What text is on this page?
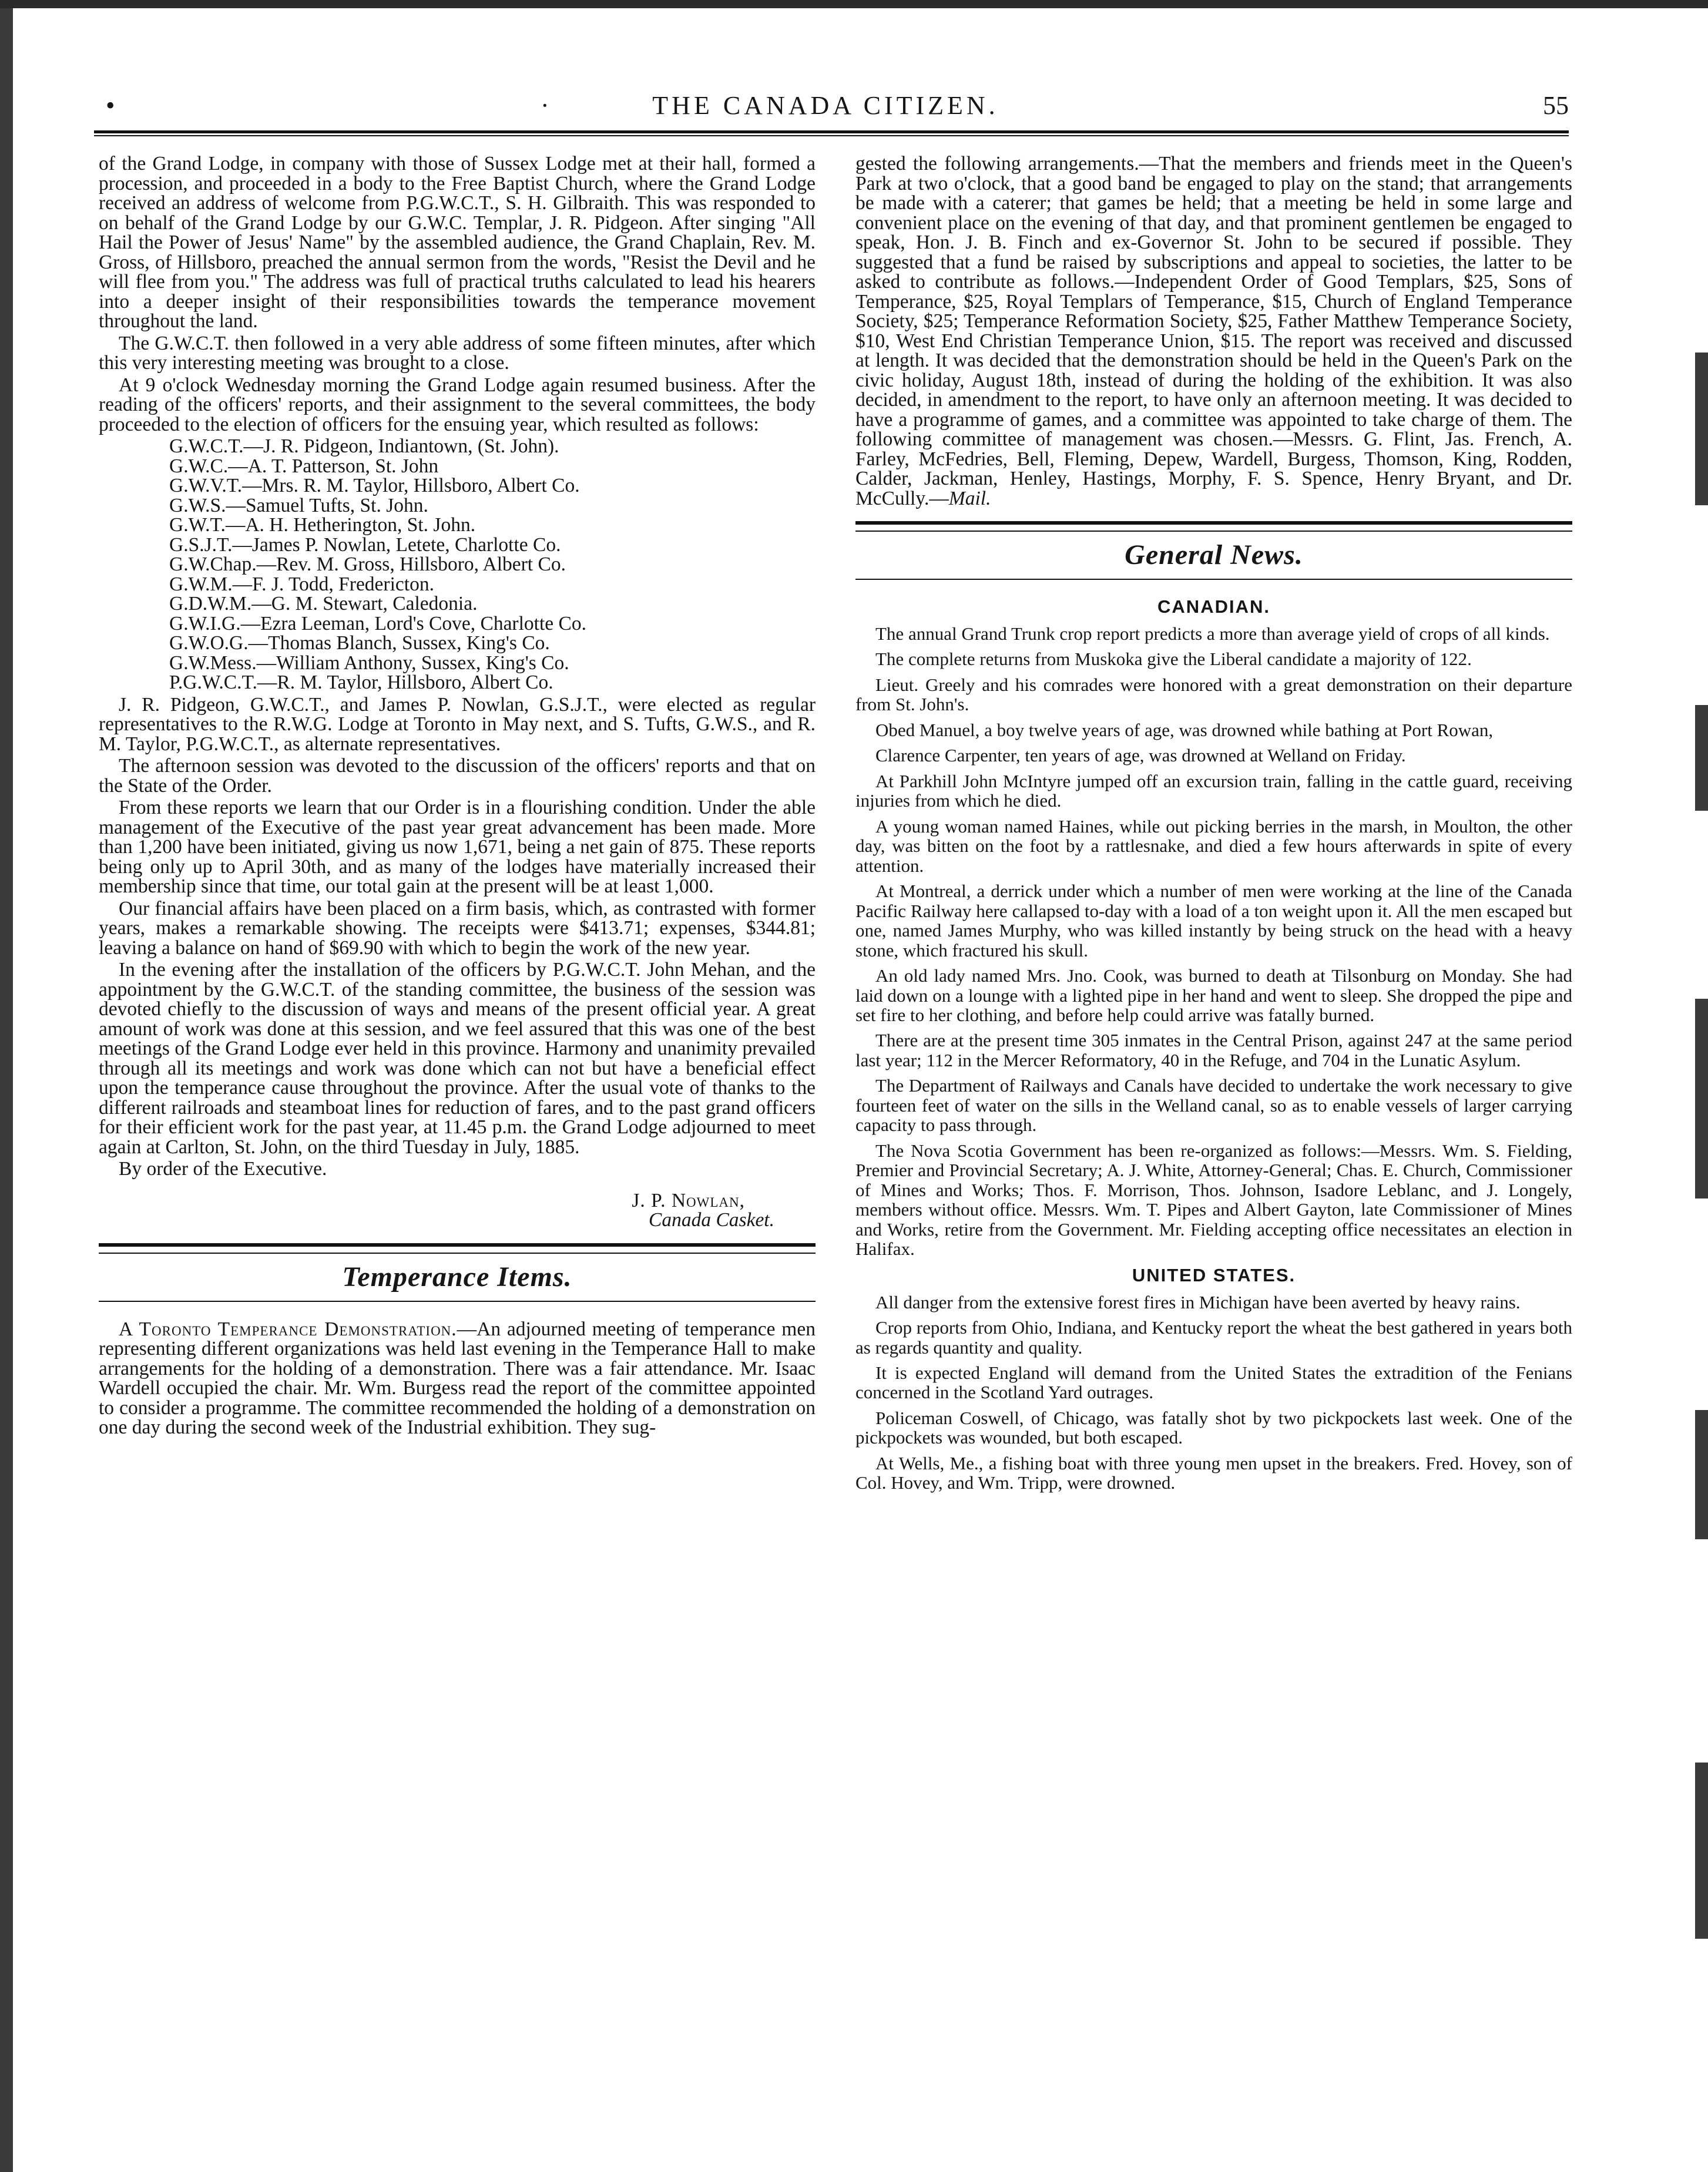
•	·	THE CANADA CITIZEN.	55

of the Grand Lodge, in company with those of Sussex Lodge met at their hall, formed a procession, and proceeded in a body to the Free Baptist Church, where the Grand Lodge received an address of welcome from P.G.W.C.T., S. H. Gilbraith. This was responded to on behalf of the Grand Lodge by our G.W.C. Templar, J. R. Pidgeon. After singing "All Hail the Power of Jesus' Name" by the assembled audience, the Grand Chaplain, Rev. M. Gross, of Hillsboro, preached the annual sermon from the words, "Resist the Devil and he will flee from you." The address was full of practical truths calculated to lead his hearers into a deeper insight of their responsibilities towards the temperance movement throughout the land.

The G.W.C.T. then followed in a very able address of some fifteen minutes, after which this very interesting meeting was brought to a close.

At 9 o'clock Wednesday morning the Grand Lodge again resumed business. After the reading of the officers' reports, and their assignment to the several committees, the body proceeded to the election of officers for the ensuing year, which resulted as follows:

G.W.C.T.—J. R. Pidgeon, Indiantown, (St. John).
G.W.C.—A. T. Patterson, St. John
G.W.V.T.—Mrs. R. M. Taylor, Hillsboro, Albert Co.
G.W.S.—Samuel Tufts, St. John.
G.W.T.—A. H. Hetherington, St. John.
G.S.J.T.—James P. Nowlan, Letete, Charlotte Co.
G.W.Chap.—Rev. M. Gross, Hillsboro, Albert Co.
G.W.M.—F. J. Todd, Fredericton.
G.D.W.M.—G. M. Stewart, Caledonia.
G.W.I.G.—Ezra Leeman, Lord's Cove, Charlotte Co.
G.W.O.G.—Thomas Blanch, Sussex, King's Co.
G.W.Mess.—William Anthony, Sussex, King's Co.
P.G.W.C.T.—R. M. Taylor, Hillsboro, Albert Co.

J. R. Pidgeon, G.W.C.T., and James P. Nowlan, G.S.J.T., were elected as regular representatives to the R.W.G. Lodge at Toronto in May next, and S. Tufts, G.W.S., and R. M. Taylor, P.G.W.C.T., as alternate representatives.

The afternoon session was devoted to the discussion of the officers' reports and that on the State of the Order.

From these reports we learn that our Order is in a flourishing condition. Under the able management of the Executive of the past year great advancement has been made. More than 1,200 have been initiated, giving us now 1,671, being a net gain of 875. These reports being only up to April 30th, and as many of the lodges have materially increased their membership since that time, our total gain at the present will be at least 1,000.

Our financial affairs have been placed on a firm basis, which, as contrasted with former years, makes a remarkable showing. The receipts were $413.71; expenses, $344.81; leaving a balance on hand of $69.90 with which to begin the work of the new year.

In the evening after the installation of the officers by P.G.W.C.T. John Mehan, and the appointment by the G.W.C.T. of the standing committee, the business of the session was devoted chiefly to the discussion of ways and means of the present official year. A great amount of work was done at this session, and we feel assured that this was one of the best meetings of the Grand Lodge ever held in this province. Harmony and unanimity prevailed through all its meetings and work was done which can not but have a beneficial effect upon the temperance cause throughout the province. After the usual vote of thanks to the different railroads and steamboat lines for reduction of fares, and to the past grand officers for their efficient work for the past year, at 11.45 p.m. the Grand Lodge adjourned to meet again at Carlton, St. John, on the third Tuesday in July, 1885.

By order of the Executive.

J. P. Nowlan,
Canada Casket.
Temperance Items.

A Toronto Temperance Demonstration.—An adjourned meeting of temperance men representing different organizations was held last evening in the Temperance Hall to make arrangements for the holding of a demonstration. There was a fair attendance. Mr. Isaac Wardell occupied the chair. Mr. Wm. Burgess read the report of the committee appointed to consider a programme. The committee recommended the holding of a demonstration on one day during the second week of the Industrial exhibition. They sug-

gested the following arrangements.—That the members and friends meet in the Queen's Park at two o'clock, that a good band be engaged to play on the stand; that arrangements be made with a caterer; that games be held; that a meeting be held in some large and convenient place on the evening of that day, and that prominent gentlemen be engaged to speak, Hon. J. B. Finch and ex-Governor St. John to be secured if possible. They suggested that a fund be raised by subscriptions and appeal to societies, the latter to be asked to contribute as follows.—Independent Order of Good Templars, $25, Sons of Temperance, $25, Royal Templars of Temperance, $15, Church of England Temperance Society, $25; Temperance Reformation Society, $25, Father Matthew Temperance Society, $10, West End Christian Temperance Union, $15. The report was received and discussed at length. It was decided that the demonstration should be held in the Queen's Park on the civic holiday, August 18th, instead of during the holding of the exhibition. It was also decided, in amendment to the report, to have only an afternoon meeting. It was decided to have a programme of games, and a committee was appointed to take charge of them. The following committee of management was chosen.—Messrs. G. Flint, Jas. French, A. Farley, McFedries, Bell, Fleming, Depew, Wardell, Burgess, Thomson, King, Rodden, Calder, Jackman, Henley, Hastings, Morphy, F. S. Spence, Henry Bryant, and Dr. McCully.—Mail.

General News.
CANADIAN.

The annual Grand Trunk crop report predicts a more than average yield of crops of all kinds.

The complete returns from Muskoka give the Liberal candidate a majority of 122.

Lieut. Greely and his comrades were honored with a great demonstration on their departure from St. John's.

Obed Manuel, a boy twelve years of age, was drowned while bathing at Port Rowan,

Clarence Carpenter, ten years of age, was drowned at Welland on Friday.

At Parkhill John McIntyre jumped off an excursion train, falling in the cattle guard, receiving injuries from which he died.

A young woman named Haines, while out picking berries in the marsh, in Moulton, the other day, was bitten on the foot by a rattlesnake, and died a few hours afterwards in spite of every attention.

At Montreal, a derrick under which a number of men were working at the line of the Canada Pacific Railway here callapsed to-day with a load of a ton weight upon it. All the men escaped but one, named James Murphy, who was killed instantly by being struck on the head with a heavy stone, which fractured his skull.

An old lady named Mrs. Jno. Cook, was burned to death at Tilsonburg on Monday. She had laid down on a lounge with a lighted pipe in her hand and went to sleep. She dropped the pipe and set fire to her clothing, and before help could arrive was fatally burned.

There are at the present time 305 inmates in the Central Prison, against 247 at the same period last year; 112 in the Mercer Reformatory, 40 in the Refuge, and 704 in the Lunatic Asylum.

The Department of Railways and Canals have decided to undertake the work necessary to give fourteen feet of water on the sills in the Welland canal, so as to enable vessels of larger carrying capacity to pass through.

The Nova Scotia Government has been re-organized as follows:—Messrs. Wm. S. Fielding, Premier and Provincial Secretary; A. J. White, Attorney-General; Chas. E. Church, Commissioner of Mines and Works; Thos. F. Morrison, Thos. Johnson, Isadore Leblanc, and J. Longely, members without office. Messrs. Wm. T. Pipes and Albert Gayton, late Commissioner of Mines and Works, retire from the Government. Mr. Fielding accepting office necessitates an election in Halifax.

UNITED STATES.

All danger from the extensive forest fires in Michigan have been averted by heavy rains.

Crop reports from Ohio, Indiana, and Kentucky report the wheat the best gathered in years both as regards quantity and quality.

It is expected England will demand from the United States the extradition of the Fenians concerned in the Scotland Yard outrages.

Policeman Coswell, of Chicago, was fatally shot by two pickpockets last week. One of the pickpockets was wounded, but both escaped.

At Wells, Me., a fishing boat with three young men upset in the breakers. Fred. Hovey, son of Col. Hovey, and Wm. Tripp, were drowned.
